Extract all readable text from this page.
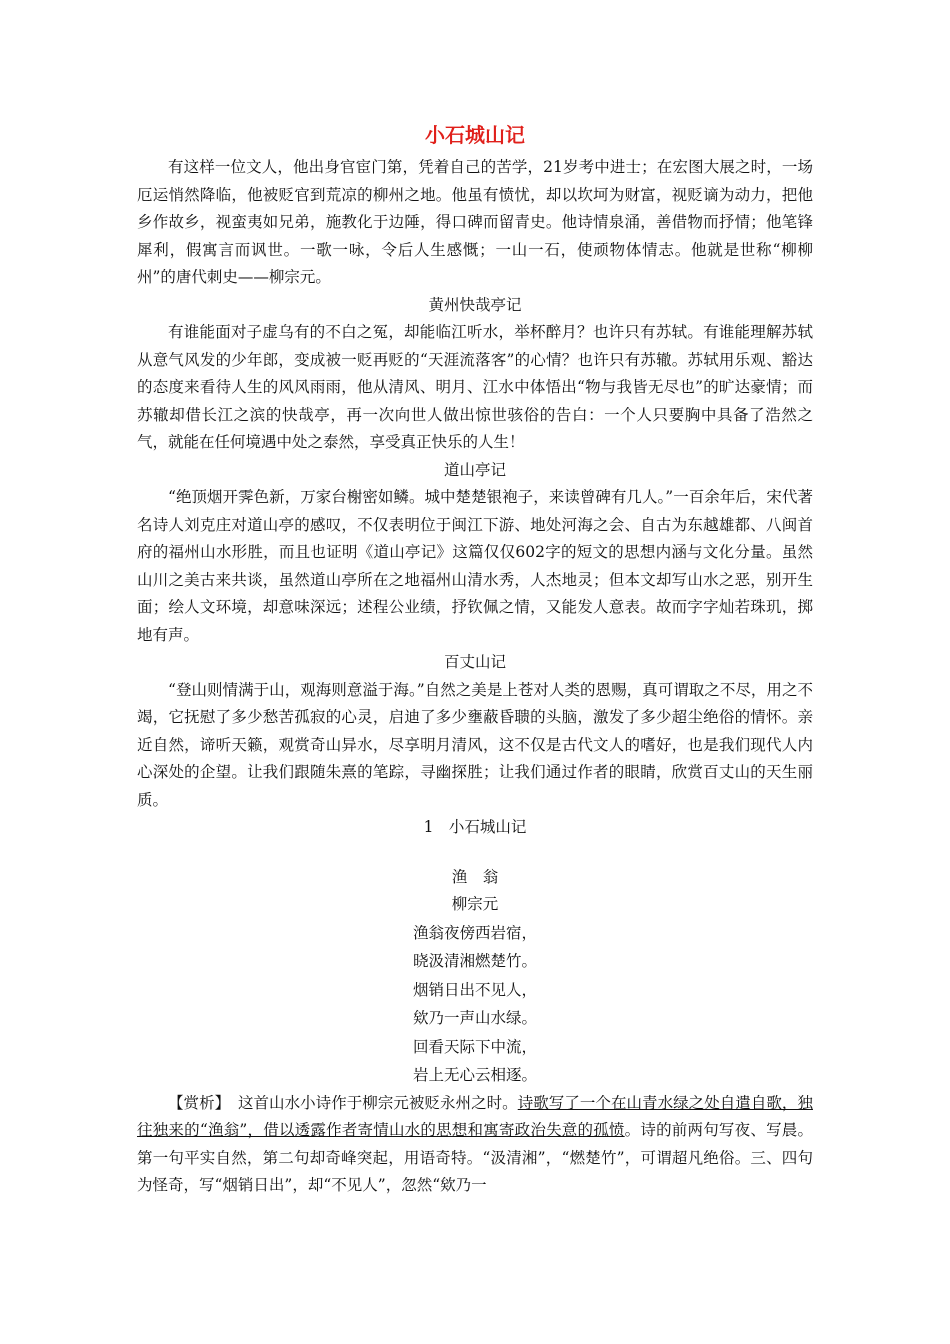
小石城山记

有这样一位文人，他出身官宦门第，凭着自己的苦学，21岁考中进士；在宏图大展之时，一场厄运悄然降临，他被贬官到荒凉的柳州之地。他虽有愤忧，却以坎坷为财富，视贬谪为动力，把他乡作故乡，视蛮夷如兄弟，施教化于边陲，得口碑而留青史。他诗情泉涌，善借物而抒情；他笔锋犀利，假寓言而讽世。一歌一咏，令后人生感慨；一山一石，使顽物体情志。他就是世称“柳柳州”的唐代刺史——柳宗元。

黄州快哉亭记

有谁能面对子虚乌有的不白之冤，却能临江听水，举杯醉月？也许只有苏轼。有谁能理解苏轼从意气风发的少年郎，变成被一贬再贬的“天涯流落客”的心情？也许只有苏辙。苏轼用乐观、豁达的态度来看待人生的风风雨雨，他从清风、明月、江水中体悟出“物与我皆无尽也”的旷达豪情；而苏辙却借长江之滨的快哉亭，再一次向世人做出惊世骇俗的告白：一个人只要胸中具备了浩然之气，就能在任何境遇中处之泰然，享受真正快乐的人生！

道山亭记

“绝顶烟开霁色新，万家台榭密如鳞。城中楚楚银袍子，来读曾碑有几人。”一百余年后，宋代著名诗人刘克庄对道山亭的感叹，不仅表明位于闽江下游、地处河海之会、自古为东越雄都、八闽首府的福州山水形胜，而且也证明《道山亭记》这篇仅仅602字的短文的思想内涵与文化分量。虽然山川之美古来共谈，虽然道山亭所在之地福州山清水秀，人杰地灵；但本文却写山水之恶，别开生面；绘人文环境，却意味深远；述程公业绩，抒钦佩之情，又能发人意表。故而字字灿若珠玑，掷地有声。

百丈山记

“登山则情满于山，观海则意溢于海。”自然之美是上苍对人类的恩赐，真可谓取之不尽，用之不竭，它抚慰了多少愁苦孤寂的心灵，启迪了多少壅蔽昏聩的头脑，激发了多少超尘绝俗的情怀。亲近自然，谛听天籁，观赏奇山异水，尽享明月清风，这不仅是古代文人的嗜好，也是我们现代人内心深处的企望。让我们跟随朱熹的笔踪，寻幽探胜；让我们通过作者的眼睛，欣赏百丈山的天生丽质。

1　小石城山记
渔　翁
柳宗元
渔翁夜傍西岩宿，
晓汲清湘燃楚竹。
烟销日出不见人，
欸乃一声山水绿。
回看天际下中流，
岩上无心云相逐。

【赏析】　这首山水小诗作于柳宗元被贬永州之时。诗歌写了一个在山青水绿之处自遣自歌，独往独来的“渔翁”，借以透露作者寄情山水的思想和寓寄政治失意的孤愤。诗的前两句写夜、写晨。第一句平实自然，第二句却奇峰突起，用语奇特。“汲清湘”，“燃楚竹”，可谓超凡绝俗。三、四句为怪奇，写“烟销日出”，却“不见人”，忽然“欸乃一
